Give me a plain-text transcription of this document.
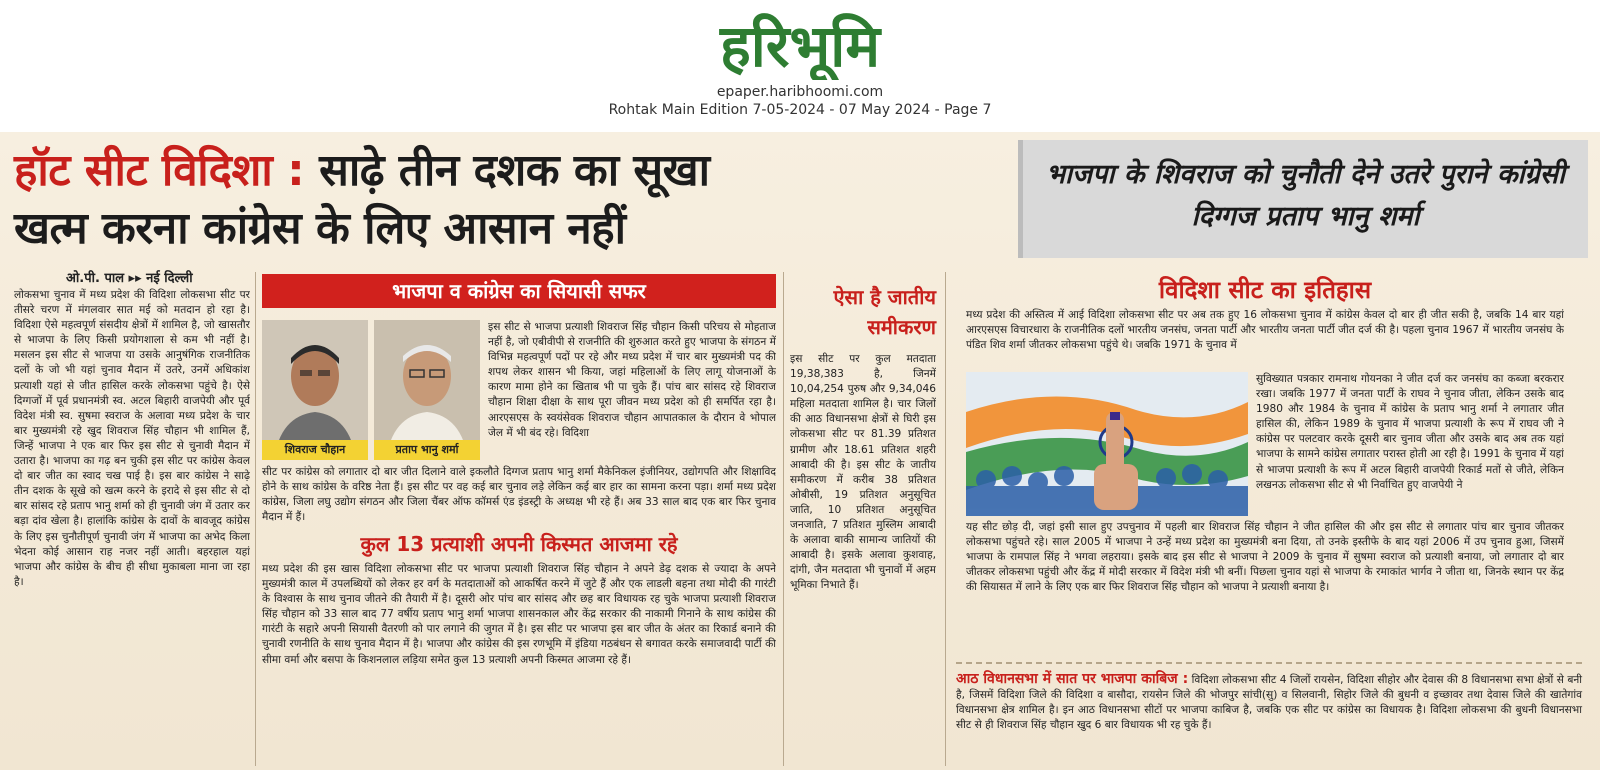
हरिभूमि
epaper.haribhoomi.com
Rohtak Main Edition 7-05-2024 - 07 May 2024 - Page 7
हॉट सीट विदिशा : साढ़े तीन दशक का सूखा
खत्म करना कांग्रेस के लिए आसान नहीं
भाजपा के शिवराज को चुनौती देने उतरे पुराने कांग्रेसी दिग्गज प्रताप भानु शर्मा
ओ.पी. पाल ▸▸ नई दिल्ली
लोकसभा चुनाव में मध्य प्रदेश की विदिशा लोकसभा सीट पर तीसरे चरण में मंगलवार सात मई को मतदान हो रहा है। विदिशा ऐसे महत्वपूर्ण संसदीय क्षेत्रों में शामिल है, जो खासतौर से भाजपा के लिए किसी प्रयोगशाला से कम भी नहीं है। मसलन इस सीट से भाजपा या उसके आनुषंगिक राजनीतिक दलों के जो भी यहां चुनाव मैदान में उतरे, उनमें अधिकांश प्रत्याशी यहां से जीत हासिल करके लोकसभा पहुंचे है। ऐसे दिग्गजों में पूर्व प्रधानमंत्री स्व. अटल बिहारी वाजपेयी और पूर्व विदेश मंत्री स्व. सुषमा स्वराज के अलावा मध्य प्रदेश के चार बार मुख्यमंत्री रहे खुद शिवराज सिंह चौहान भी शामिल हैं, जिन्हें भाजपा ने एक बार फिर इस सीट से चुनावी मैदान में उतारा है। भाजपा का गढ़ बन चुकी इस सीट पर कांग्रेस केवल दो बार जीत का स्वाद चख पाई है। इस बार कांग्रेस ने साढ़े तीन दशक के सूखे को खत्म करने के इरादे से इस सीट से दो बार सांसद रहे प्रताप भानु शर्मा को ही चुनावी जंग में उतार कर बड़ा दांव खेला है। हालांकि कांग्रेस के दावों के बावजूद कांग्रेस के लिए इस चुनौतीपूर्ण चुनावी जंग में भाजपा का अभेद किला भेदना कोई आसान राह नजर नहीं आती। बहरहाल यहां भाजपा और कांग्रेस के बीच ही सीधा मुकाबला माना जा रहा है।
भाजपा व कांग्रेस का सियासी सफर
शिवराज चौहान	प्रताप भानु शर्मा
इस सीट से भाजपा प्रत्याशी शिवराज सिंह चौहान किसी परिचय से मोहताज नहीं है, जो एबीवीपी से राजनीति की शुरुआत करते हुए भाजपा के संगठन में विभिन्न महत्वपूर्ण पदों पर रहे और मध्य प्रदेश में चार बार मुख्यमंत्री पद की शपथ लेकर शासन भी किया, जहां महिलाओं के लिए लागू योजनाओं के कारण मामा होने का खिताब भी पा चुके हैं। पांच बार सांसद रहे शिवराज चौहान शिक्षा दीक्षा के साथ पूरा जीवन मध्य प्रदेश को ही समर्पित रहा है। आरएसएस के स्वयंसेवक शिवराज चौहान आपातकाल के दौरान वे भोपाल जेल में भी बंद रहे। विदिशा
सीट पर कांग्रेस को लगातार दो बार जीत दिलाने वाले इकलौते दिग्गज प्रताप भानु शर्मा मैकेनिकल इंजीनियर, उद्योगपति और शिक्षाविद होने के साथ कांग्रेस के वरिष्ठ नेता हैं। इस सीट पर वह कई बार चुनाव लड़े लेकिन कई बार हार का सामना करना पड़ा। शर्मा मध्य प्रदेश कांग्रेस, जिला लघु उद्योग संगठन और जिला चैंबर ऑफ कॉमर्स एंड इंडस्ट्री के अध्यक्ष भी रहे हैं। अब 33 साल बाद एक बार फिर चुनाव मैदान में हैं।
कुल 13 प्रत्याशी अपनी किस्मत आजमा रहे
मध्य प्रदेश की इस खास विदिशा लोकसभा सीट पर भाजपा प्रत्याशी शिवराज सिंह चौहान ने अपने डेढ़ दशक से ज्यादा के अपने मुख्यमंत्री काल में उपलब्धियों को लेकर हर वर्ग के मतदाताओं को आकर्षित करने में जुटे हैं और एक लाडली बहना तथा मोदी की गारंटी के विश्वास के साथ चुनाव जीतने की तैयारी में है। दूसरी ओर पांच बार सांसद और छह बार विधायक रह चुके भाजपा प्रत्याशी शिवराज सिंह चौहान को 33 साल बाद 77 वर्षीय प्रताप भानु शर्मा भाजपा शासनकाल और केंद्र सरकार की नाकामी गिनाने के साथ कांग्रेस की गारंटी के सहारे अपनी सियासी वैतरणी को पार लगाने की जुगत में है। इस सीट पर भाजपा इस बार जीत के अंतर का रिकार्ड बनाने की चुनावी रणनीति के साथ चुनाव मैदान में है। भाजपा और कांग्रेस की इस रणभूमि में इंडिया गठबंधन से बगावत करके समाजवादी पार्टी की सीमा वर्मा और बसपा के किशनलाल लड़िया समेत कुल 13 प्रत्याशी अपनी किस्मत आजमा रहे हैं।
ऐसा है जातीय समीकरण
इस सीट पर कुल मतदाता 19,38,383 है, जिनमें 10,04,254 पुरुष और 9,34,046 महिला मतदाता शामिल है। चार जिलों की आठ विधानसभा क्षेत्रों से घिरी इस लोकसभा सीट पर 81.39 प्रतिशत ग्रामीण और 18.61 प्रतिशत शहरी आबादी की है। इस सीट के जातीय समीकरण में करीब 38 प्रतिशत ओबीसी, 19 प्रतिशत अनुसूचित जाति, 10 प्रतिशत अनुसूचित जनजाति, 7 प्रतिशत मुस्लिम आबादी के अलावा बाकी सामान्य जातियों की आबादी है। इसके अलावा कुशवाह, दांगी, जैन मतदाता भी चुनावों में अहम भूमिका निभाते हैं।
विदिशा सीट का इतिहास
मध्य प्रदेश की अस्तित्व में आई विदिशा लोकसभा सीट पर अब तक हुए 16 लोकसभा चुनाव में कांग्रेस केवल दो बार ही जीत सकी है, जबकि 14 बार यहां आरएसएस विचारधारा के राजनीतिक दलों भारतीय जनसंघ, जनता पार्टी और भारतीय जनता पार्टी जीत दर्ज की है। पहला चुनाव 1967 में भारतीय जनसंघ के पंडित शिव शर्मा जीतकर लोकसभा पहुंचे थे। जबकि 1971 के चुनाव में
सुविख्यात पत्रकार रामनाथ गोयनका ने जीत दर्ज कर जनसंघ का कब्जा बरकरार रखा। जबकि 1977 में जनता पार्टी के राघव ने चुनाव जीता, लेकिन उसके बाद 1980 और 1984 के चुनाव में कांग्रेस के प्रताप भानु शर्मा ने लगातार जीत हासिल की, लेकिन 1989 के चुनाव में भाजपा प्रत्याशी के रूप में राघव जी ने कांग्रेस पर पलटवार करके दूसरी बार चुनाव जीता और उसके बाद अब तक यहां भाजपा के सामने कांग्रेस लगातार परास्त होती आ रही है। 1991 के चुनाव में यहां से भाजपा प्रत्याशी के रूप में अटल बिहारी वाजपेयी रिकार्ड मतों से जीते, लेकिन लखनऊ लोकसभा सीट से भी निर्वाचित हुए वाजपेयी ने
यह सीट छोड़ दी, जहां इसी साल हुए उपचुनाव में पहली बार शिवराज सिंह चौहान ने जीत हासिल की और इस सीट से लगातार पांच बार चुनाव जीतकर लोकसभा पहुंचते रहे। साल 2005 में भाजपा ने उन्हें मध्य प्रदेश का मुख्यमंत्री बना दिया, तो उनके इस्तीफे के बाद यहां 2006 में उप चुनाव हुआ, जिसमें भाजपा के रामपाल सिंह ने भगवा लहराया। इसके बाद इस सीट से भाजपा ने 2009 के चुनाव में सुषमा स्वराज को प्रत्याशी बनाया, जो लगातार दो बार जीतकर लोकसभा पहुंची और केंद्र में मोदी सरकार में विदेश मंत्री भी बनीं। पिछला चुनाव यहां से भाजपा के रमाकांत भार्गव ने जीता था, जिनके स्थान पर केंद्र की सियासत में लाने के लिए एक बार फिर शिवराज सिंह चौहान को भाजपा ने प्रत्याशी बनाया है।
आठ विधानसभा में सात पर भाजपा काबिज : विदिशा लोकसभा सीट 4 जिलों रायसेन, विदिशा सीहोर और देवास की 8 विधानसभा सभा क्षेत्रों से बनी है, जिसमें विदिशा जिले की विदिशा व बासौदा, रायसेन जिले की भोजपुर सांची(सु) व सिलवानी, सिहोर जिले की बुधनी व इच्छावर तथा देवास जिले की खातेगांव विधानसभा क्षेत्र शामिल है। इन आठ विधानसभा सीटों पर भाजपा काबिज है, जबकि एक सीट पर कांग्रेस का विधायक है। विदिशा लोकसभा की बुधनी विधानसभा सीट से ही शिवराज सिंह चौहान खुद 6 बार विधायक भी रह चुके हैं।
